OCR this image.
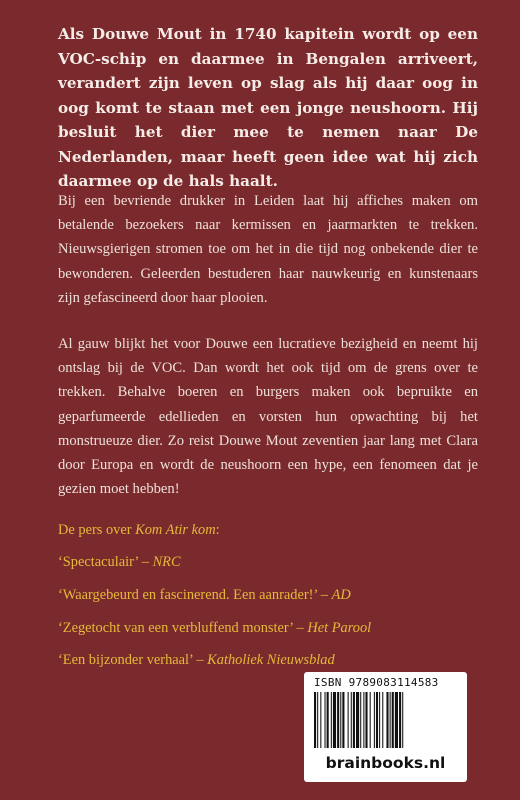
Als Douwe Mout in 1740 kapitein wordt op een VOC-schip en daarmee in Bengalen arriveert, verandert zijn leven op slag als hij daar oog in oog komt te staan met een jonge neushoorn. Hij besluit het dier mee te nemen naar De Nederlanden, maar heeft geen idee wat hij zich daarmee op de hals haalt.

Bij een bevriende drukker in Leiden laat hij affiches maken om betalende bezoekers naar kermissen en jaarmarkten te trekken. Nieuwsgierigen stromen toe om het in die tijd nog onbekende dier te bewonderen. Geleerden bestuderen haar nauwkeurig en kunstenaars zijn gefascineerd door haar plooien.

Al gauw blijkt het voor Douwe een lucratieve bezigheid en neemt hij ontslag bij de VOC. Dan wordt het ook tijd om de grens over te trekken. Behalve boeren en burgers maken ook bepruikte en geparfumeerde edellieden en vorsten hun opwachting bij het monstrueuze dier. Zo reist Douwe Mout zeventien jaar lang met Clara door Europa en wordt de neushoorn een hype, een fenomeen dat je gezien moet hebben!

De pers over Kom Atir kom:

‘Spectaculair’ – NRC

‘Waargebeurd en fascinerend. Een aanrader!’ – AD

‘Zegetocht van een verbluffend monster’ – Het Parool

‘Een bijzonder verhaal’ – Katholiek Nieuwsblad

ISBN 9789083114583
brainbooks.nl
